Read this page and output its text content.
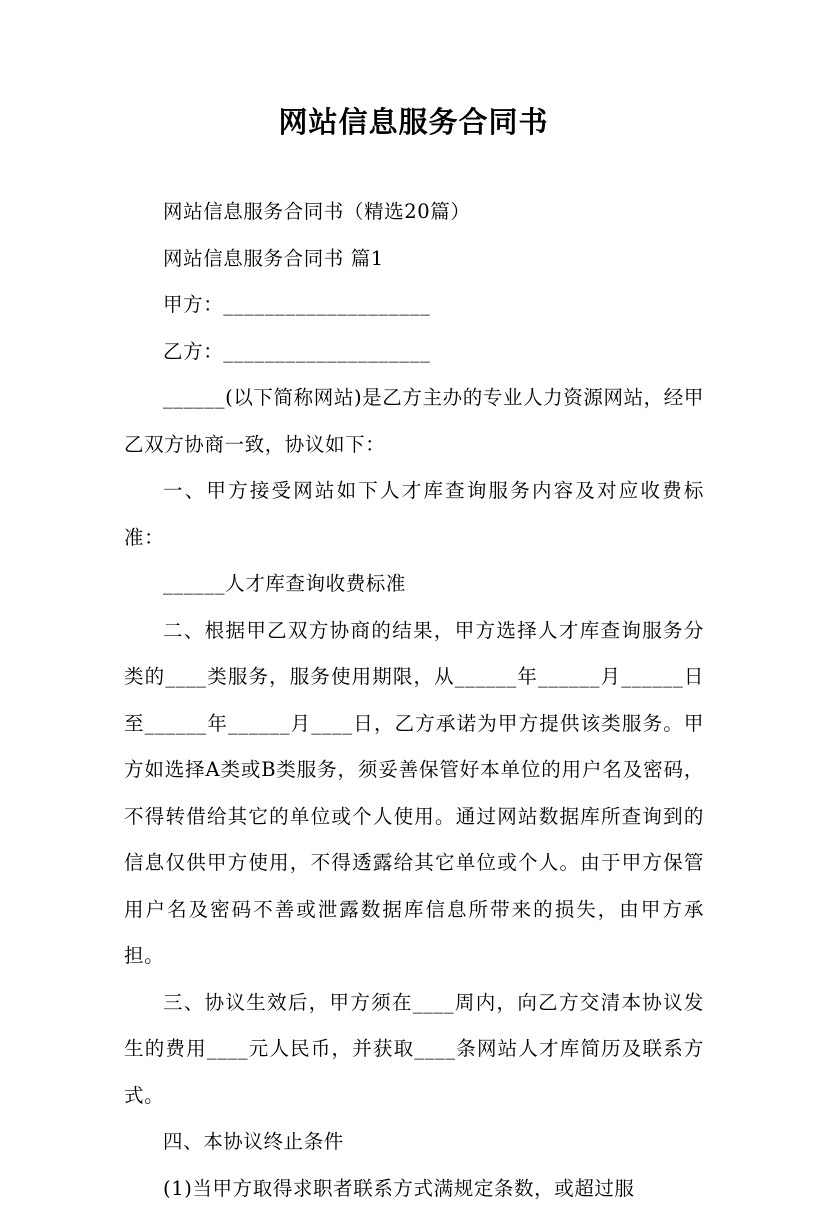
网站信息服务合同书

网站信息服务合同书（精选20篇）

网站信息服务合同书 篇1

甲方：____________________

乙方：____________________

______(以下简称网站)是乙方主办的专业人力资源网站，经甲乙双方协商一致，协议如下：

一、甲方接受网站如下人才库查询服务内容及对应收费标准：

______人才库查询收费标准

二、根据甲乙双方协商的结果，甲方选择人才库查询服务分类的____类服务，服务使用期限，从______年______月______日至______年______月____日，乙方承诺为甲方提供该类服务。甲方如选择A类或B类服务，须妥善保管好本单位的用户名及密码，不得转借给其它的单位或个人使用。通过网站数据库所查询到的信息仅供甲方使用，不得透露给其它单位或个人。由于甲方保管用户名及密码不善或泄露数据库信息所带来的损失，由甲方承担。

三、协议生效后，甲方须在____周内，向乙方交清本协议发生的费用____元人民币，并获取____条网站人才库简历及联系方式。

四、本协议终止条件

(1)当甲方取得求职者联系方式满规定条数，或超过服
